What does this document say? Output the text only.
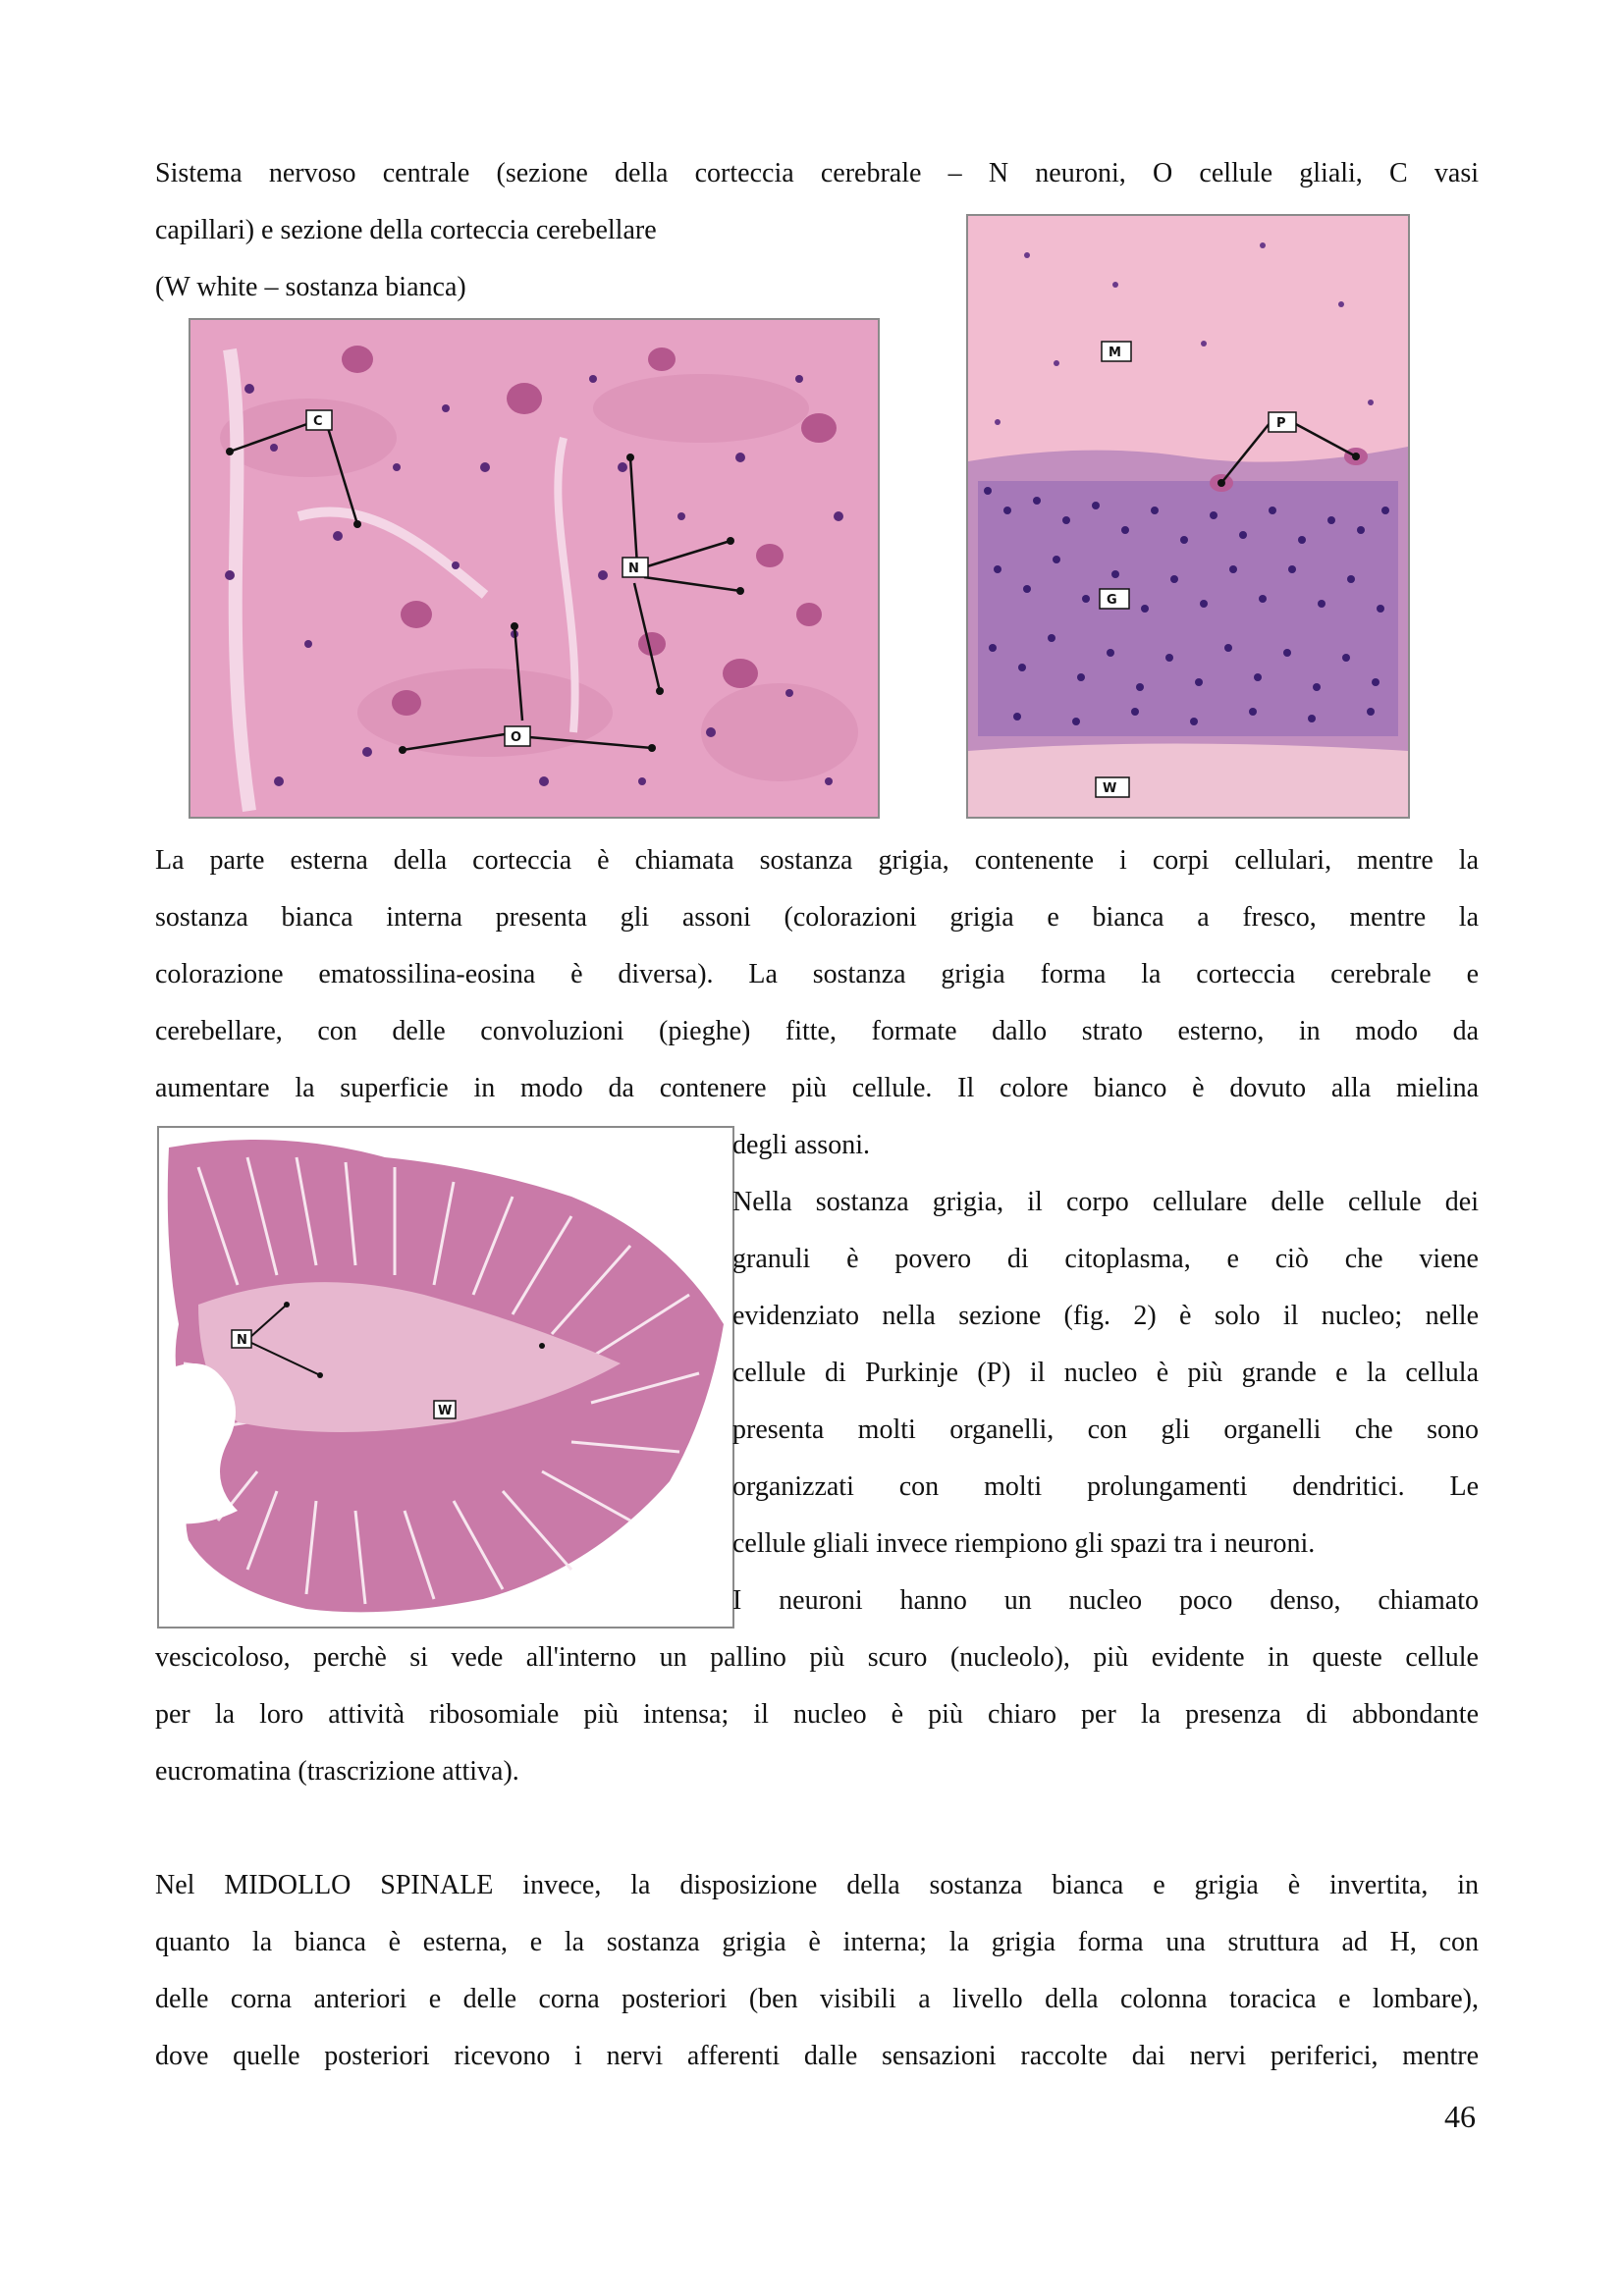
Sistema nervoso centrale (sezione della corteccia cerebrale – N neuroni, O cellule gliali, C vasi
capillari) e sezione della corteccia cerebellare
(W white – sostanza bianca)
C
N
O
M
P
G
W

La parte esterna della corteccia è chiamata sostanza grigia, contenente i corpi cellulari, mentre la

sostanza bianca interna presenta gli assoni (colorazioni grigia e bianca a fresco, mentre la

colorazione ematossilina-eosina è diversa). La sostanza grigia forma la corteccia cerebrale e

cerebellare, con delle convoluzioni (pieghe) fitte, formate dallo strato esterno, in modo da

aumentare la superficie in modo da contenere più cellule. Il colore bianco è dovuto alla mielina

N
W

degli assoni.

Nella sostanza grigia, il corpo cellulare delle cellule dei

granuli è povero di citoplasma, e ciò che viene

evidenziato nella sezione (fig. 2) è solo il nucleo; nelle

cellule di Purkinje (P) il nucleo è più grande e la cellula

presenta molti organelli, con gli organelli che sono

organizzati con molti prolungamenti dendritici. Le

cellule gliali invece riempiono gli spazi tra i neuroni.

I neuroni hanno un nucleo poco denso, chiamato

vescicoloso, perchè si vede all'interno un pallino più scuro (nucleolo), più evidente in queste cellule

per la loro attività ribosomiale più intensa; il nucleo è più chiaro per la presenza di abbondante

eucromatina (trascrizione attiva).

Nel MIDOLLO SPINALE invece, la disposizione della sostanza bianca e grigia è invertita, in

quanto la bianca è esterna, e la sostanza grigia è interna; la grigia forma una struttura ad H, con

delle corna anteriori e delle corna posteriori (ben visibili a livello della colonna toracica e lombare),

dove quelle posteriori ricevono i nervi afferenti dalle sensazioni raccolte dai nervi periferici, mentre

46
